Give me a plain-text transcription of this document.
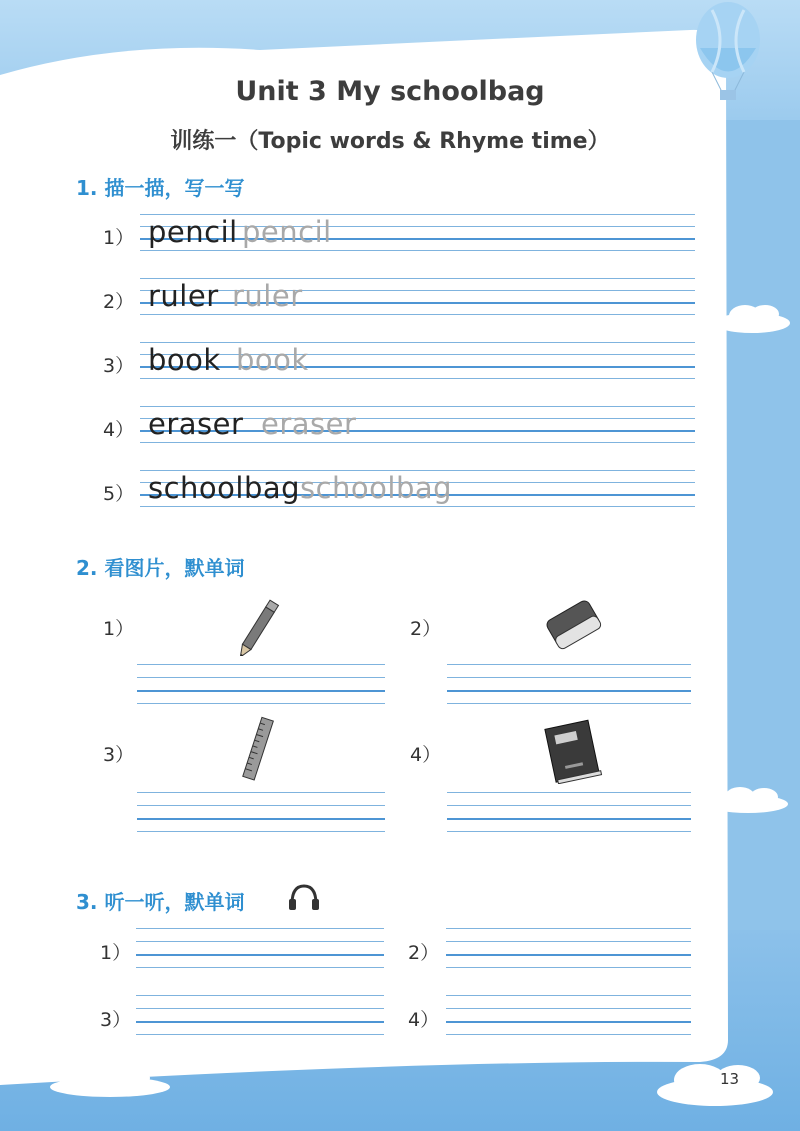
Unit 3 My schoolbag
训练一（Topic words & Rhyme time）
1. 描一描，写一写
1） pencil pencil
2） ruler ruler
3） book book
4） eraser eraser
5） schoolbag schoolbag
2. 看图片，默单词
1）	2）
3）	4）
3. 听一听，默单词
1）	2）
3）	4）
13
